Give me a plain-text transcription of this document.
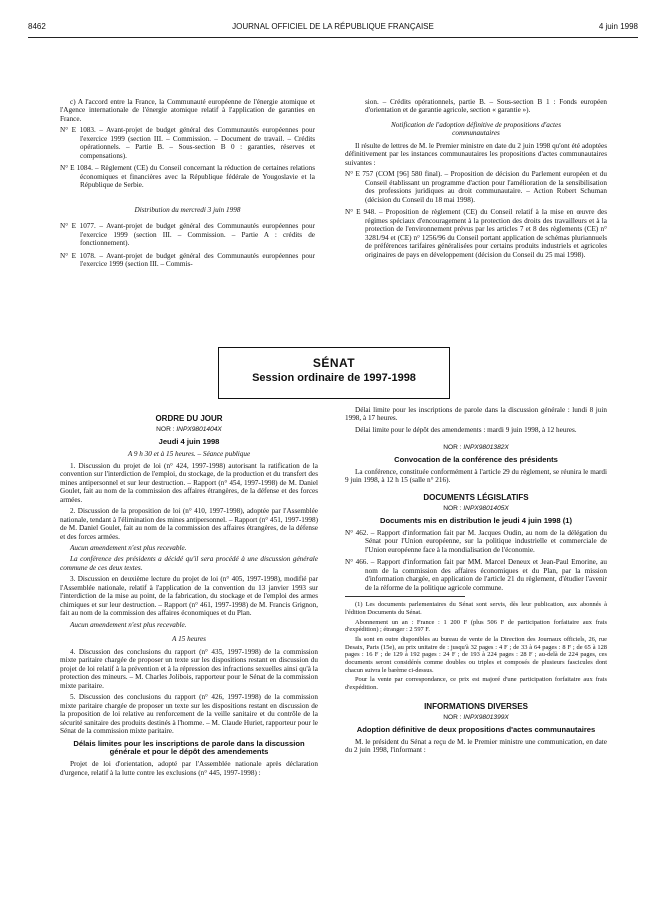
8462	JOURNAL OFFICIEL DE LA RÉPUBLIQUE FRANÇAISE	4 juin 1998

c) A l'accord entre la France, la Communauté européenne de l'énergie atomique et l'Agence internationale de l'énergie atomique relatif à l'application de garanties en France.

N° E 1083. – Avant-projet de budget général des Communautés européennes pour l'exercice 1999 (section III. – Commission. – Document de travail. – Crédits opérationnels. – Partie B. – Sous-section B 0 : garanties, réserves et compensations).

N° E 1084. – Règlement (CE) du Conseil concernant la réduction de certaines relations économiques et financières avec la République fédérale de Yougoslavie et la République de Serbie.

Distribution du mercredi 3 juin 1998

N° E 1077. – Avant-projet de budget général des Communautés européennes pour l'exercice 1999 (section III. – Commission. – Partie A : crédits de fonctionnement).

N° E 1078. – Avant-projet de budget général des Communautés européennes pour l'exercice 1999 (section III. – Commis-

sion. – Crédits opérationnels, partie B. – Sous-section B 1 : Fonds européen d'orientation et de garantie agricole, section « garantie »).

Notification de l'adoption définitive de propositions d'actes communautaires

Il résulte de lettres de M. le Premier ministre en date du 2 juin 1998 qu'ont été adoptées définitivement par les instances communautaires les propositions d'actes communautaires suivantes :

N° E 757 (COM [96] 580 final). – Proposition de décision du Parlement européen et du Conseil établissant un programme d'action pour l'amélioration de la sensibilisation des professions juridiques au droit communautaire. – Action Robert Schuman (décision du Conseil du 18 mai 1998).

N° E 948. – Proposition de règlement (CE) du Conseil relatif à la mise en œuvre des régimes spéciaux d'encouragement à la protection des droits des travailleurs et à la protection de l'environnement prévus par les articles 7 et 8 des règlements (CE) n° 3281/94 et (CE) n° 1256/96 du Conseil portant application de schémas pluriannuels de préférences tarifaires généralisées pour certains produits industriels et agricoles originaires de pays en développement (décision du Conseil du 25 mai 1998).

SÉNAT
Session ordinaire de 1997-1998
ORDRE DU JOUR
NOR : INPX9801404X
Jeudi 4 juin 1998

A 9 h 30 et à 15 heures. – Séance publique

1. Discussion du projet de loi (n° 424, 1997-1998) autorisant la ratification de la convention sur l'interdiction de l'emploi, du stockage, de la production et du transfert des mines antipersonnel et sur leur destruction. – Rapport (n° 454, 1997-1998) de M. Daniel Goulet, fait au nom de la commission des affaires étrangères, de la défense et des forces armées.

2. Discussion de la proposition de loi (n° 410, 1997-1998), adoptée par l'Assemblée nationale, tendant à l'élimination des mines antipersonnel. – Rapport (n° 451, 1997-1998) de M. Daniel Goulet, fait au nom de la commission des affaires étrangères, de la défense et des forces armées.

Aucun amendement n'est plus recevable.

La conférence des présidents a décidé qu'il sera procédé à une discussion générale commune de ces deux textes.

3. Discussion en deuxième lecture du projet de loi (n° 405, 1997-1998), modifié par l'Assemblée nationale, relatif à l'application de la convention du 13 janvier 1993 sur l'interdiction de la mise au point, de la fabrication, du stockage et de l'emploi des armes chimiques et sur leur destruction. – Rapport (n° 461, 1997-1998) de M. Francis Grignon, fait au nom de la commission des affaires économiques et du Plan.

Aucun amendement n'est plus recevable.

A 15 heures

4. Discussion des conclusions du rapport (n° 435, 1997-1998) de la commission mixte paritaire chargée de proposer un texte sur les dispositions restant en discussion du projet de loi relatif à la prévention et à la répression des infractions sexuelles ainsi qu'à la protection des mineurs. – M. Charles Jolibois, rapporteur pour le Sénat de la commission mixte paritaire.

5. Discussion des conclusions du rapport (n° 426, 1997-1998) de la commission mixte paritaire chargée de proposer un texte sur les dispositions restant en discussion de la proposition de loi relative au renforcement de la veille sanitaire et du contrôle de la sécurité sanitaire des produits destinés à l'homme. – M. Claude Huriet, rapporteur pour le Sénat de la commission mixte paritaire.

Délais limites pour les inscriptions de parole dans la discussion générale et pour le dépôt des amendements

Projet de loi d'orientation, adopté par l'Assemblée nationale après déclaration d'urgence, relatif à la lutte contre les exclusions (n° 445, 1997-1998) :

Délai limite pour les inscriptions de parole dans la discussion générale : lundi 8 juin 1998, à 17 heures.

Délai limite pour le dépôt des amendements : mardi 9 juin 1998, à 12 heures.

NOR : INPX9801382X
Convocation de la conférence des présidents

La conférence, constituée conformément à l'article 29 du règlement, se réunira le mardi 9 juin 1998, à 12 h 15 (salle n° 216).

DOCUMENTS LÉGISLATIFS
NOR : INPX9801405X
Documents mis en distribution le jeudi 4 juin 1998 (1)

N° 462. – Rapport d'information fait par M. Jacques Oudin, au nom de la délégation du Sénat pour l'Union européenne, sur la politique industrielle et commerciale de l'Union européenne face à la mondialisation de l'économie.

N° 466. – Rapport d'information fait par MM. Marcel Deneux et Jean-Paul Emorine, au nom de la commission des affaires économiques et du Plan, par la mission d'information chargée, en application de l'article 21 du règlement, d'étudier l'avenir de la réforme de la politique agricole commune.

(1) Les documents parlementaires du Sénat sont servis, dès leur publication, aux abonnés à l'édition Documents du Sénat.

Abonnement un an : France : 1 200 F (plus 506 F de participation forfaitaire aux frais d'expédition) ; étranger : 2 597 F.

Ils sont en outre disponibles au bureau de vente de la Direction des Journaux officiels, 26, rue Desaix, Paris (15e), au prix unitaire de : jusqu'à 32 pages : 4 F ; de 33 à 64 pages : 8 F ; de 65 à 128 pages : 16 F ; de 129 à 192 pages : 24 F ; de 193 à 224 pages : 28 F ; au-delà de 224 pages, ces documents seront considérés comme doubles ou triples et composés de plusieurs fascicules dont chacun suivra le barème ci-dessus.

Pour la vente par correspondance, ce prix est majoré d'une participation forfaitaire aux frais d'expédition.

INFORMATIONS DIVERSES
NOR : INPX9801399X
Adoption définitive de deux propositions d'actes communautaires

M. le président du Sénat a reçu de M. le Premier ministre une communication, en date du 2 juin 1998, l'informant :
